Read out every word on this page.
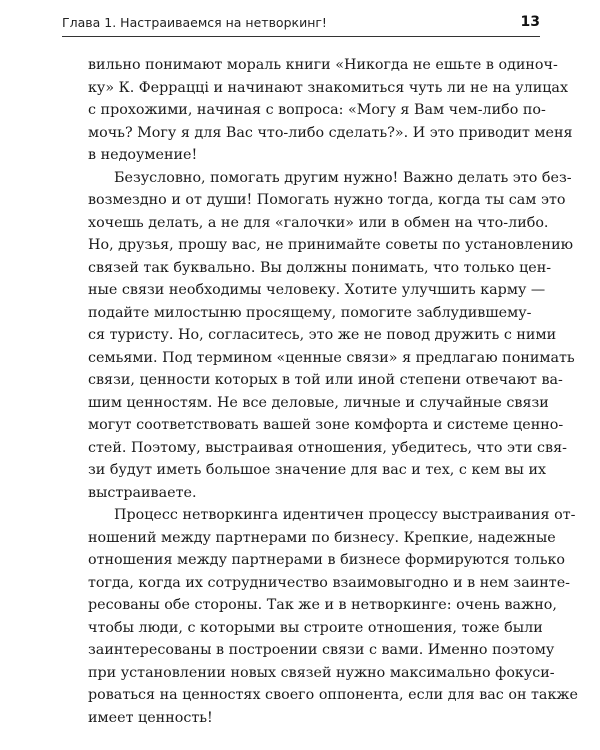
Глава 1. Настраиваемся на нетворкинг!	13
вильно понимают мораль книги «Никогда не ешьте в одиноч-
ку» К. Ферраццi и начинают знакомиться чуть ли не на улицах
с прохожими, начиная с вопроса: «Могу я Вам чем-либо по-
мочь? Могу я для Вас что-либо сделать?». И это приводит меня
в недоумение!
Безусловно, помогать другим нужно! Важно делать это без-
возмездно и от души! Помогать нужно тогда, когда ты сам это
хочешь делать, а не для «галочки» или в обмен на что-либо.
Но, друзья, прошу вас, не принимайте советы по установлению
связей так буквально. Вы должны понимать, что только цен-
ные связи необходимы человеку. Хотите улучшить карму —
подайте милостыню просящему, помогите заблудившему-
ся туристу. Но, согласитесь, это же не повод дружить с ними
семьями. Под термином «ценные связи» я предлагаю понимать
связи, ценности которых в той или иной степени отвечают ва-
шим ценностям. Не все деловые, личные и случайные связи
могут соответствовать вашей зоне комфорта и системе ценно-
стей. Поэтому, выстраивая отношения, убедитесь, что эти свя-
зи будут иметь большое значение для вас и тех, с кем вы их
выстраиваете.
Процесс нетворкинга идентичен процессу выстраивания от-
ношений между партнерами по бизнесу. Крепкие, надежные
отношения между партнерами в бизнесе формируются только
тогда, когда их сотрудничество взаимовыгодно и в нем заинте-
ресованы обе стороны. Так же и в нетворкинге: очень важно,
чтобы люди, с которыми вы строите отношения, тоже были
заинтересованы в построении связи с вами. Именно поэтому
при установлении новых связей нужно максимально фокуси-
роваться на ценностях своего оппонента, если для вас он также
имеет ценность!
